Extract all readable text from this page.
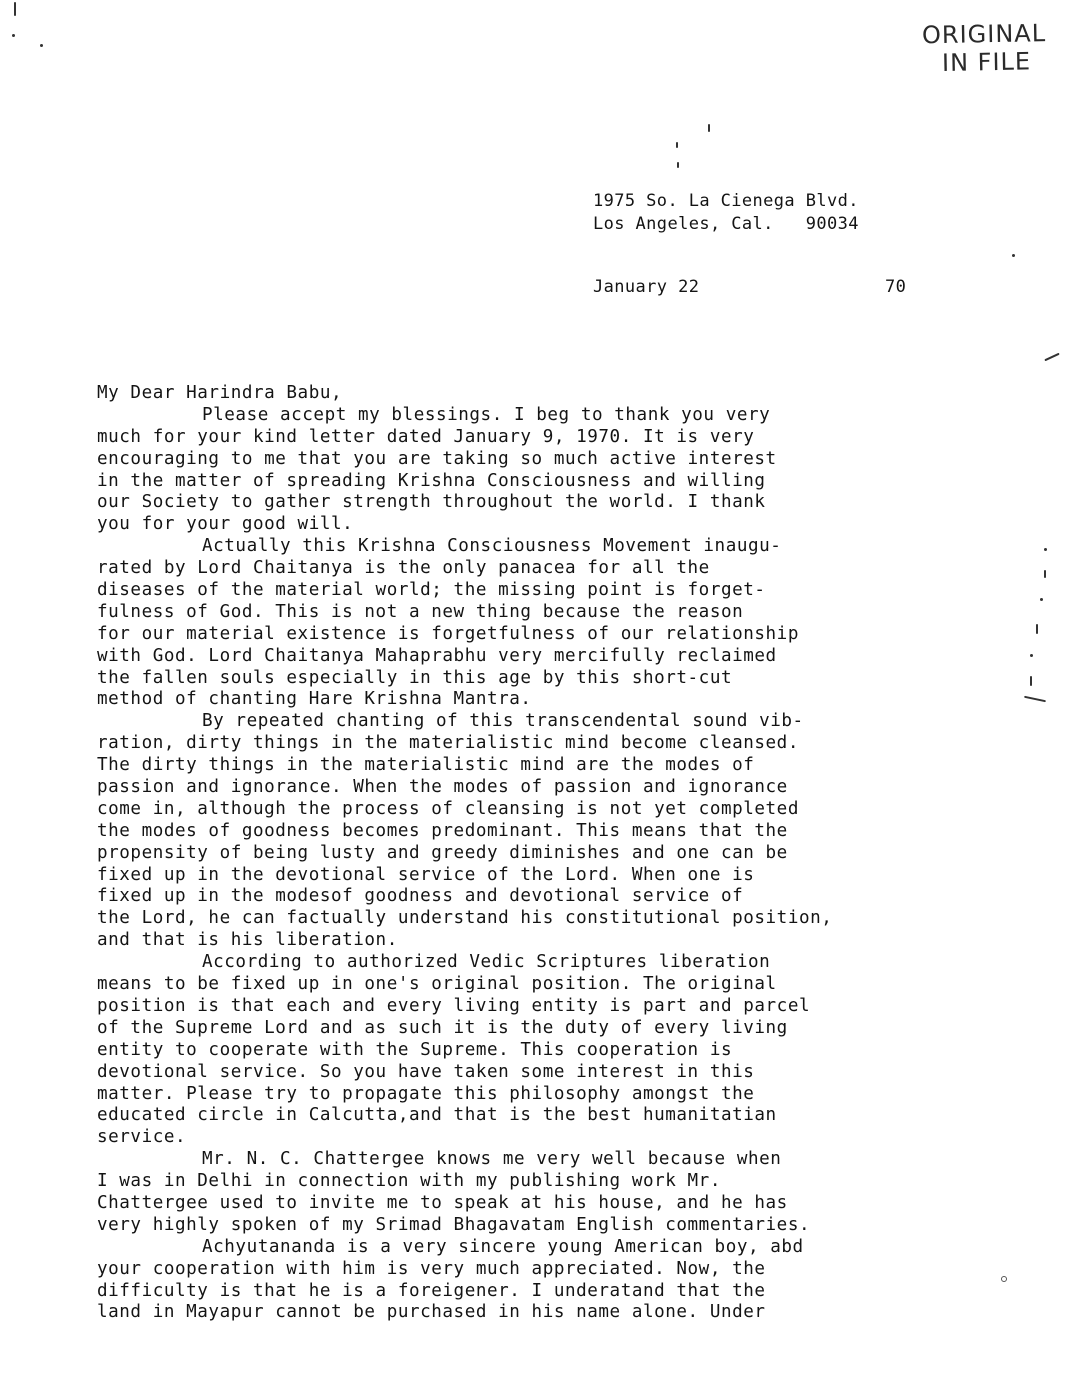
ORIGINAL
IN FILE
1975 So. La Cienega Blvd.
Los Angeles, Cal.   90034
January 22	70
My Dear Harindra Babu,
Please accept my blessings. I beg to thank you very
much for your kind letter dated January 9, 1970. It is very
encouraging to me that you are taking so much active interest
in the matter of spreading Krishna Consciousness and willing
our Society to gather strength throughout the world. I thank
you for your good will.
Actually this Krishna Consciousness Movement inaugu-
rated by Lord Chaitanya is the only panacea for all the
diseases of the material world; the missing point is forget-
fulness of God. This is not a new thing because the reason
for our material existence is forgetfulness of our relationship
with God. Lord Chaitanya Mahaprabhu very mercifully reclaimed
the fallen souls especially in this age by this short-cut
method of chanting Hare Krishna Mantra.
By repeated chanting of this transcendental sound vib-
ration, dirty things in the materialistic mind become cleansed.
The dirty things in the materialistic mind are the modes of
passion and ignorance. When the modes of passion and ignorance
come in, although the process of cleansing is not yet completed
the modes of goodness becomes predominant. This means that the
propensity of being lusty and greedy diminishes and one can be
fixed up in the devotional service of the Lord. When one is
fixed up in the modesof goodness and devotional service of
the Lord, he can factually understand his constitutional position,
and that is his liberation.
According to authorized Vedic Scriptures liberation
means to be fixed up in one's original position. The original
position is that each and every living entity is part and parcel
of the Supreme Lord and as such it is the duty of every living
entity to cooperate with the Supreme. This cooperation is
devotional service. So you have taken some interest in this
matter. Please try to propagate this philosophy amongst the
educated circle in Calcutta,and that is the best humanitatian
service.
Mr. N. C. Chattergee knows me very well because when
I was in Delhi in connection with my publishing work Mr.
Chattergee used to invite me to speak at his house, and he has
very highly spoken of my Srimad Bhagavatam English commentaries.
Achyutananda is a very sincere young American boy, abd
your cooperation with him is very much appreciated. Now, the
difficulty is that he is a foreigener. I underatand that the
land in Mayapur cannot be purchased in his name alone. Under
